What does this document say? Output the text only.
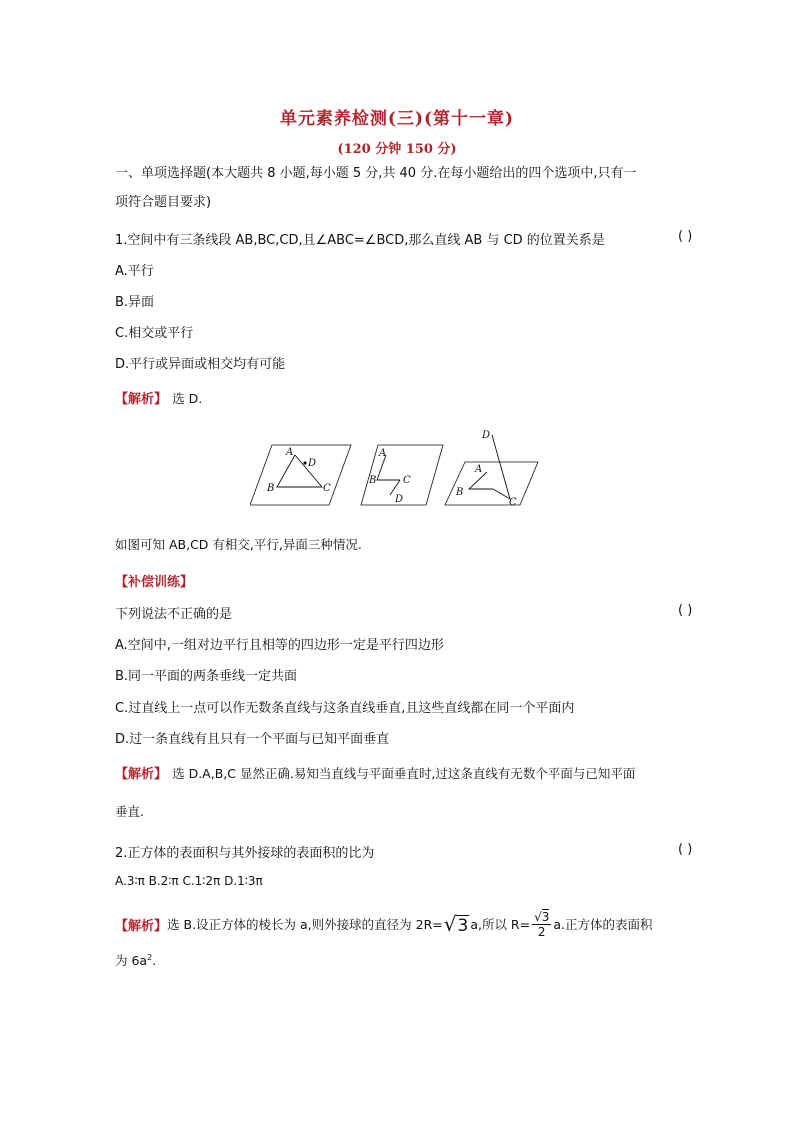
单元素养检测(三)(第十一章)
(120 分钟 150 分)
一、单项选择题(本大题共 8 小题,每小题 5 分,共 40 分.在每小题给出的四个选项中,只有一
项符合题目要求)
1.空间中有三条线段 AB,BC,CD,且∠ABC=∠BCD,那么直线 AB 与 CD 的位置关系是	( )
A.平行
B.异面
C.相交或平行
D.平行或异面或相交均有可能
【解析】 选 D.
A
D
B	C
A
B	C
D
A
B
C
D
如图可知 AB,CD 有相交,平行,异面三种情况.
【补偿训练】
下列说法不正确的是	( )
A.空间中,一组对边平行且相等的四边形一定是平行四边形
B.同一平面的两条垂线一定共面
C.过直线上一点可以作无数条直线与这条直线垂直,且这些直线都在同一个平面内
D.过一条直线有且只有一个平面与已知平面垂直
【解析】 选 D.A,B,C 显然正确.易知当直线与平面垂直时,过这条直线有无数个平面与已知平面
垂直.
2.正方体的表面积与其外接球的表面积的比为	( )
A.3∶π B.2∶π C.1∶2π D.1∶3π
【解析】 选 B.设正方体的棱长为 a,则外接球的直径为 2R= √ 3 a,所以 $R= \frac{√3}{2} a$.正方体的表面积
为 $6a^2$.
